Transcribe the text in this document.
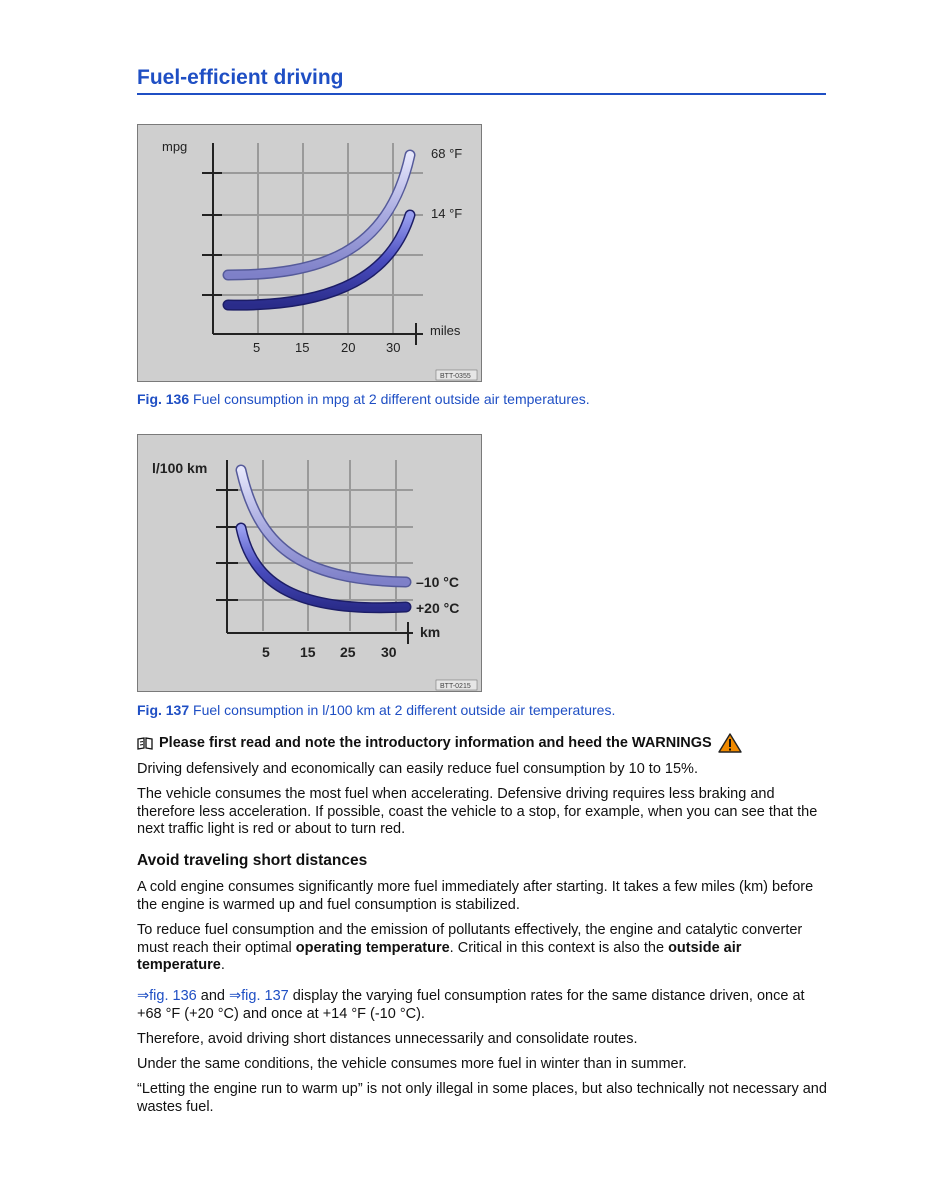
Fuel-efficient driving
mpg
miles
68 °F
14 °F
5	15 20 30
BTT-0355
Fig. 136 Fuel consumption in mpg at 2 different outside air temperatures.
l/100 km
km
–10 °C
+20 °C
5 15 25 30
BTT-0215
Fig. 137 Fuel consumption in l/100 km at 2 different outside air temperatures.
Please first read and note the introductory information and heed the WARNINGS
Driving defensively and economically can easily reduce fuel consumption by 10 to 15%.
The vehicle consumes the most fuel when accelerating. Defensive driving requires less braking and therefore less acceleration. If possible, coast the vehicle to a stop, for example, when you can see that the next traffic light is red or about to turn red.
Avoid traveling short distances
A cold engine consumes significantly more fuel immediately after starting. It takes a few miles (km) before the engine is warmed up and fuel consumption is stabilized.
To reduce fuel consumption and the emission of pollutants effectively, the engine and catalytic converter must reach their optimal operating temperature. Critical in this context is also the outside air temperature.
⇒fig. 136 and ⇒fig. 137 display the varying fuel consumption rates for the same distance driven, once at +68 °F (+20 °C) and once at +14 °F (-10 °C).
Therefore, avoid driving short distances unnecessarily and consolidate routes.
Under the same conditions, the vehicle consumes more fuel in winter than in summer.
“Letting the engine run to warm up” is not only illegal in some places, but also technically not necessary and wastes fuel.
